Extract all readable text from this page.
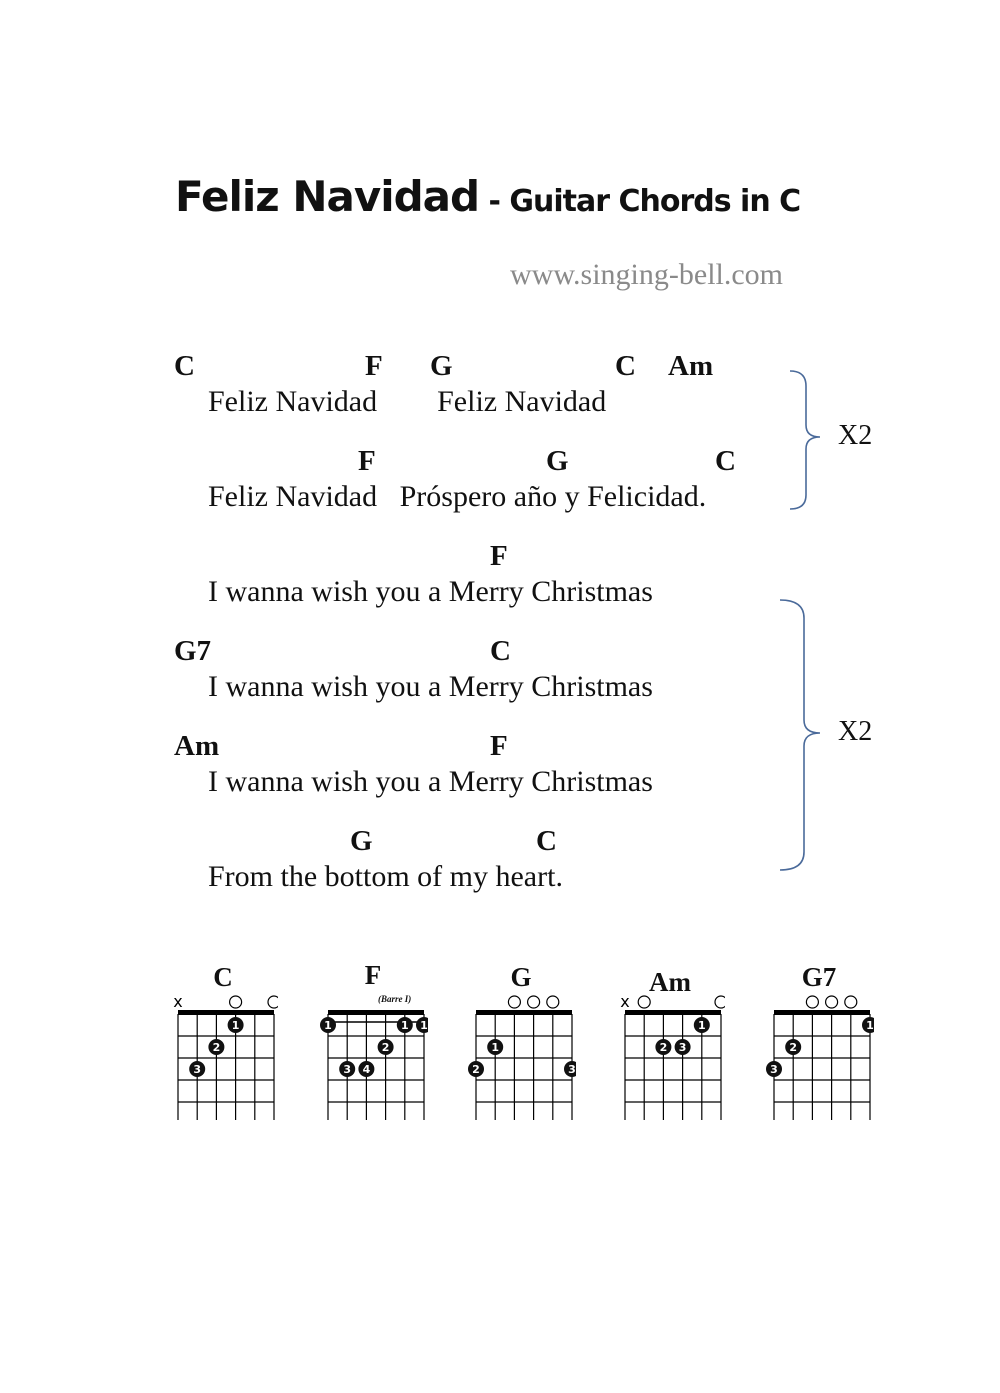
Feliz Navidad - Guitar Chords in C
www.singing-bell.com
C	F G	C Am
Feliz Navidad        Feliz Navidad
F	G	C
Feliz Navidad   Próspero año y Felicidad.
F
I wanna wish you a Merry Christmas
G7	C
I wanna wish you a Merry Christmas
Am	F
I wanna wish you a Merry Christmas
G	C
From the bottom of my heart.
X2
X2
C
x
1
2
3
F
(Barre I)
1	1 1
2
3 4
G
1
2	3
Am
x
1
2 3
G7
1
2
3
